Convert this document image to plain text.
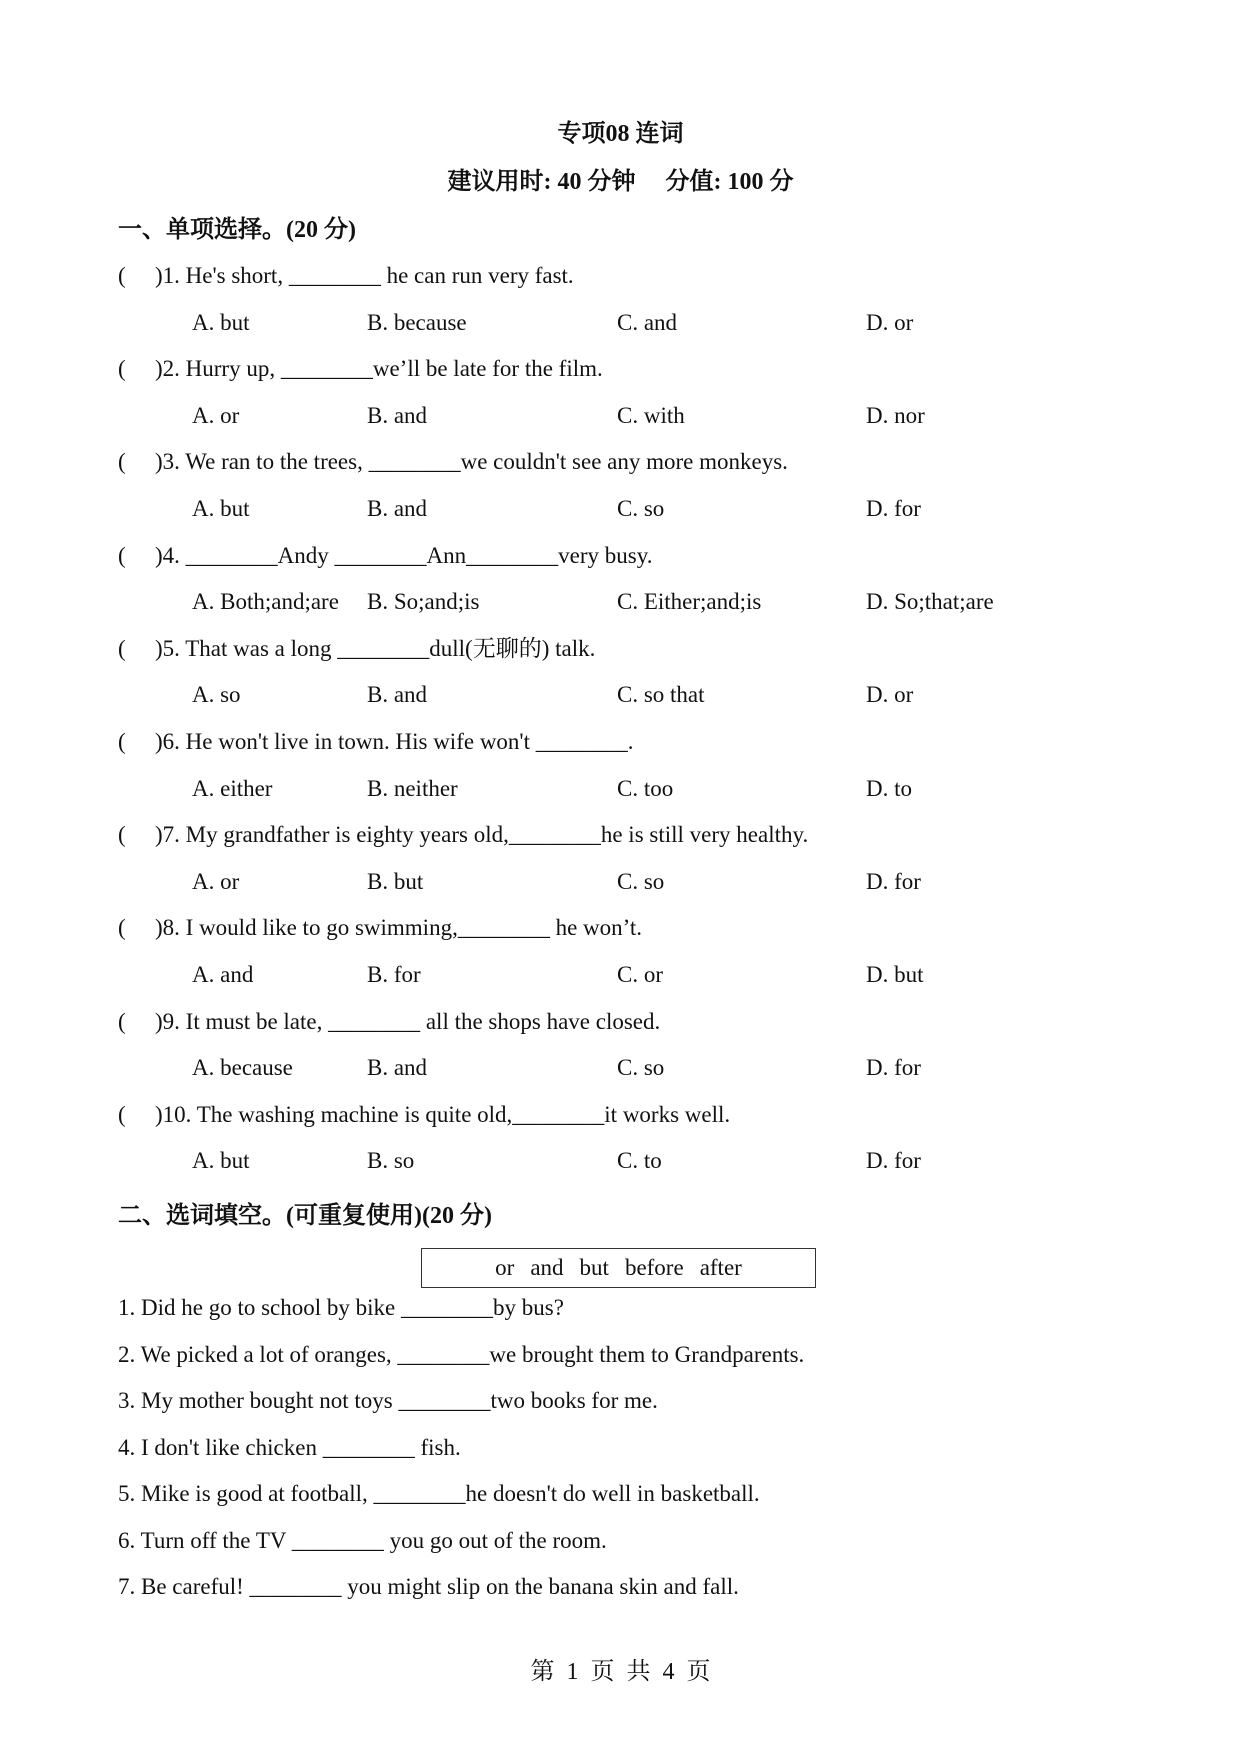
专项08 连词
建议用时: 40 分钟     分值: 100 分
一、单项选择。(20 分)
( )1. He's short, ________ he can run very fast.
A. but	B. because	C. and	D. or
( )2. Hurry up, ________we’ll be late for the film.
A. or	B. and	C. with	D. nor
( )3. We ran to the trees, ________we couldn't see any more monkeys.
A. but	B. and	C. so	D. for
( )4. ________Andy ________Ann________very busy.
A. Both;and;are B. So;and;is	C. Either;and;is	D. So;that;are
( )5. That was a long ________dull(无聊的) talk.
A. so	B. and	C. so that	D. or
( )6. He won't live in town. His wife won't ________.
A. either	B. neither	C. too	D. to
( )7. My grandfather is eighty years old,________he is still very healthy.
A. or	B. but	C. so	D. for
( )8. I would like to go swimming,________ he won’t.
A. and	B. for	C. or	D. but
( )9. It must be late, ________ all the shops have closed.
A. because	B. and	C. so	D. for
( )10. The washing machine is quite old,________it works well.
A. but	B. so	C. to	D. for
二、选词填空。(可重复使用)(20 分)
or and but before after
1. Did he go to school by bike ________by bus?
2. We picked a lot of oranges, ________we brought them to Grandparents.
3. My mother bought not toys ________two books for me.
4. I don't like chicken ________ fish.
5. Mike is good at football, ________he doesn't do well in basketball.
6. Turn off the TV ________ you go out of the room.
7. Be careful! ________ you might slip on the banana skin and fall.
第  1  页  共  4  页
